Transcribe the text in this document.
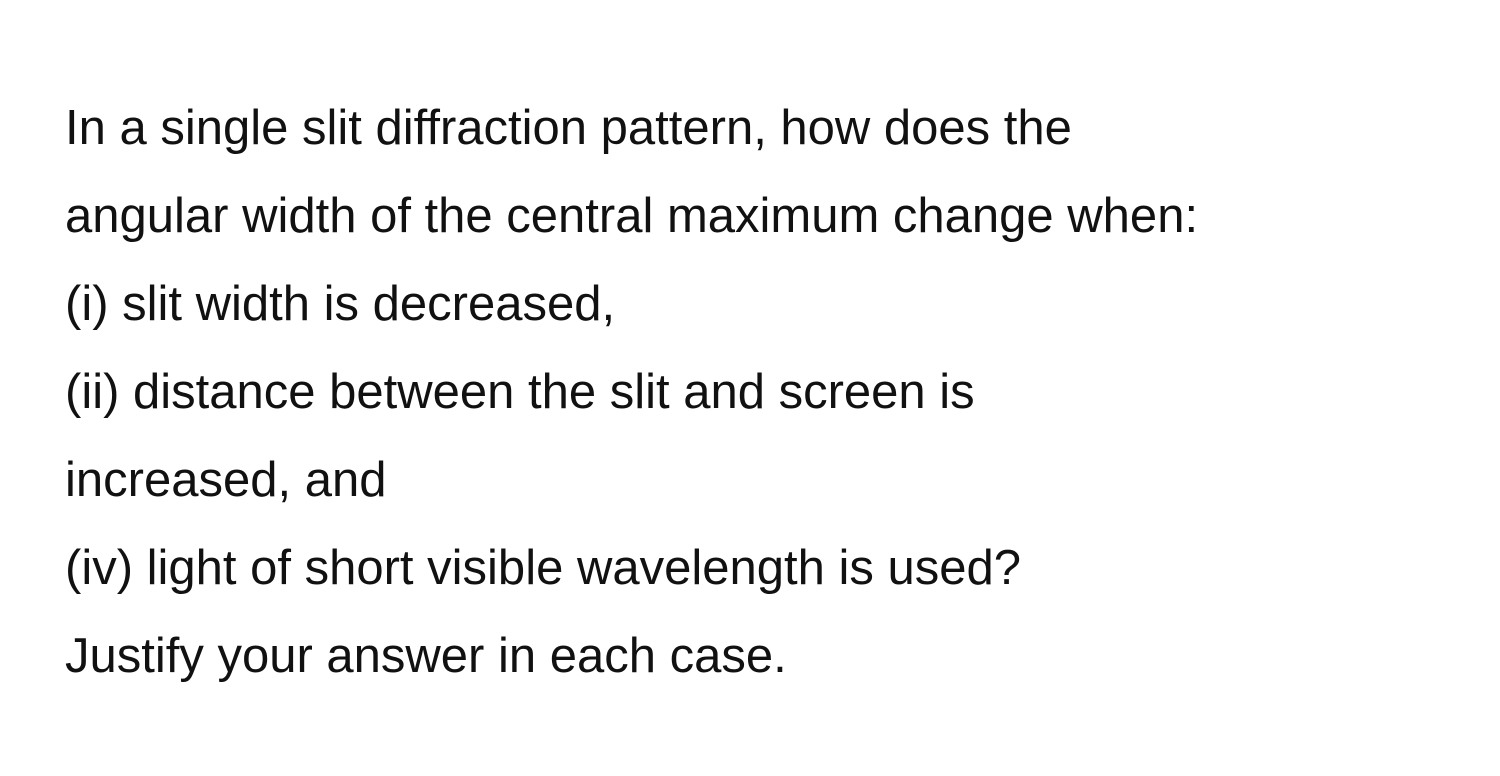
In a single slit diffraction pattern, how does the
angular width of the central maximum change when:
(i) slit width is decreased,
(ii) distance between the slit and screen is
increased, and
(iv) light of short visible wavelength is used?
Justify your answer in each case.
